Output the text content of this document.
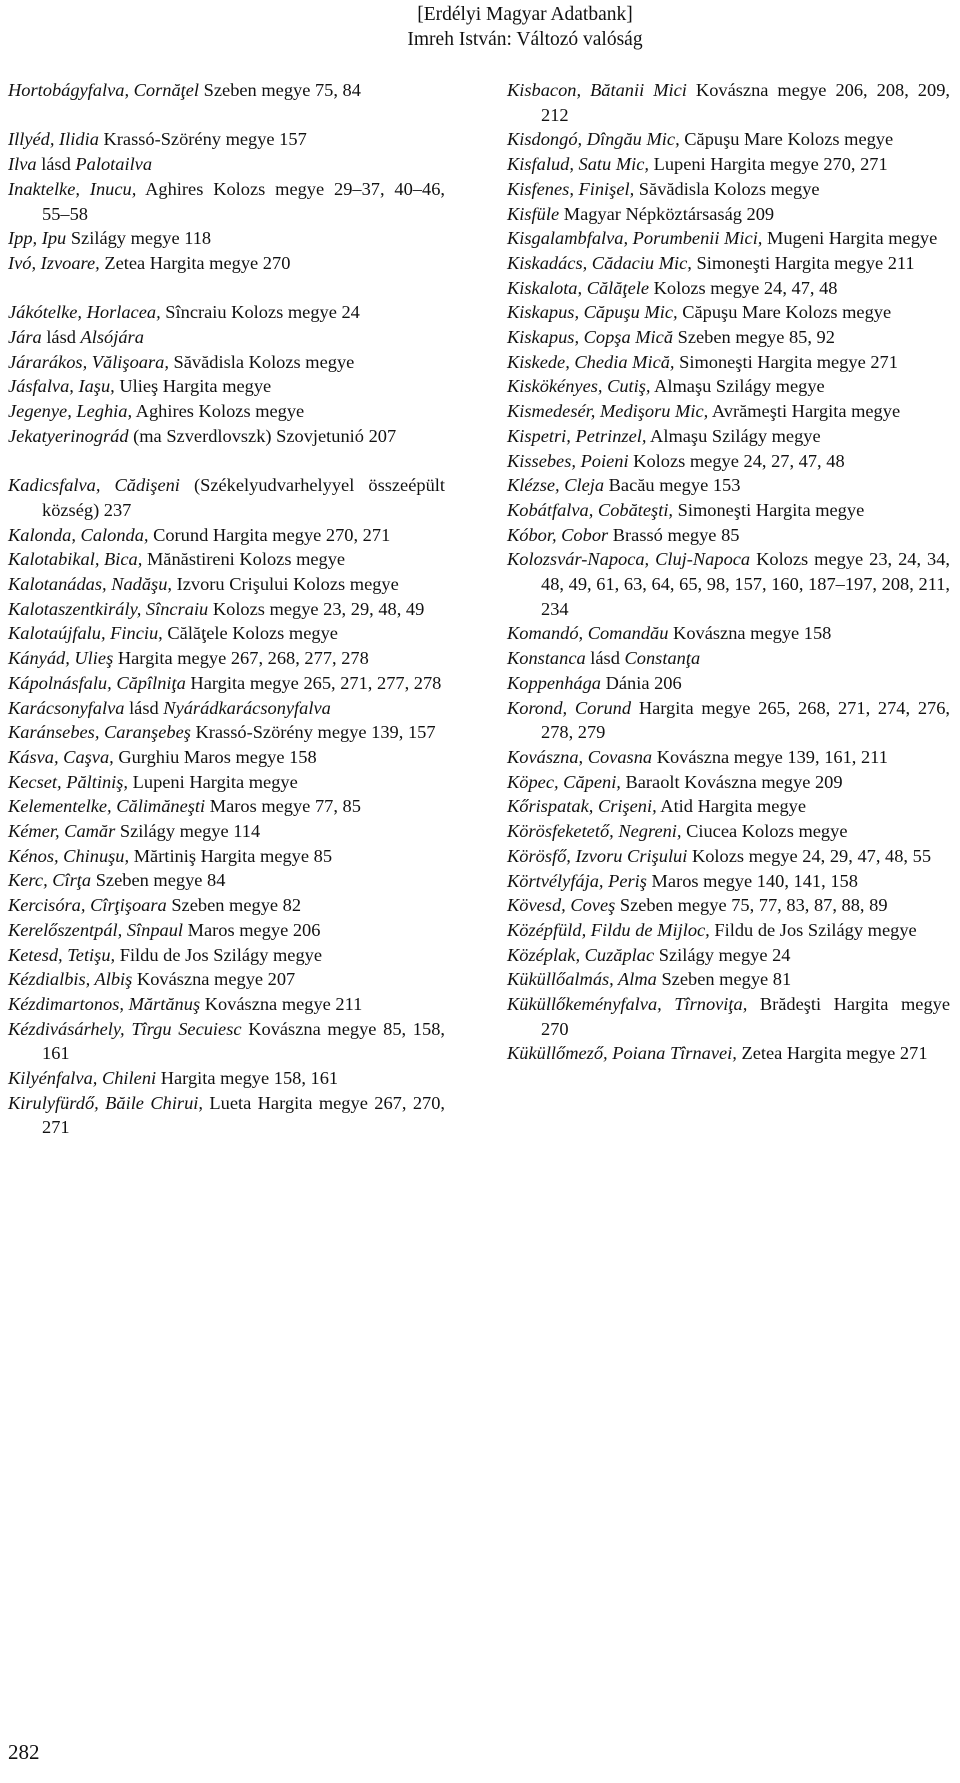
[Erdélyi Magyar Adatbank]
Imreh István: Változó valóság

Hortobágyfalva, Cornăţel Szeben megye 75, 84

Illyéd, Ilidia Krassó-Szörény megye 157

Ilva lásd Palotailva

Inaktelke, Inucu, Aghires Kolozs megye 29–37, 40–46, 55–58

Ipp, Ipu Szilágy megye 118

Ivó, Izvoare, Zetea Hargita megye 270

Jákótelke, Horlacea, Sîncraiu Kolozs megye 24

Jára lásd Alsójára

Járarákos, Vălişoara, Săvădisla Kolozs megye

Jásfalva, Iaşu, Ulieş Hargita megye

Jegenye, Leghia, Aghires Kolozs megye

Jekatyerinográd (ma Szverdlovszk) Szovjetunió 207

Kadicsfalva, Cădişeni (Székelyudvarhelyyel összeépült község) 237

Kalonda, Calonda, Corund Hargita megye 270, 271

Kalotabikal, Bica, Mănăstireni Kolozs megye

Kalotanádas, Nadăşu, Izvoru Crişului Kolozs megye

Kalotaszentkirály, Sîncraiu Kolozs megye 23, 29, 48, 49

Kalotaújfalu, Finciu, Călăţele Kolozs megye

Kányád, Ulieş Hargita megye 267, 268, 277, 278

Kápolnásfalu, Căpîlniţa Hargita megye 265, 271, 277, 278

Karácsonyfalva lásd Nyárádkarácsonyfalva

Karánsebes, Caranşebeş Krassó-Szörény megye 139, 157

Kásva, Caşva, Gurghiu Maros megye 158

Kecset, Păltiniş, Lupeni Hargita megye

Kelementelke, Călimăneşti Maros megye 77, 85

Kémer, Camăr Szilágy megye 114

Kénos, Chinuşu, Mărtiniş Hargita megye 85

Kerc, Cîrţa Szeben megye 84

Kercisóra, Cîrţişoara Szeben megye 82

Kerelőszentpál, Sînpaul Maros megye 206

Ketesd, Tetişu, Fildu de Jos Szilágy megye

Kézdialbis, Albiş Kovászna megye 207

Kézdimartonos, Mărtănuş Kovászna megye 211

Kézdivásárhely, Tîrgu Secuiesc Kovászna megye 85, 158, 161

Kilyénfalva, Chileni Hargita megye 158, 161

Kirulyfürdő, Băile Chirui, Lueta Hargita megye 267, 270, 271

Kisbacon, Bătanii Mici Kovászna megye 206, 208, 209, 212

Kisdongó, Dîngău Mic, Căpuşu Mare Kolozs megye

Kisfalud, Satu Mic, Lupeni Hargita megye 270, 271

Kisfenes, Finişel, Săvădisla Kolozs megye

Kisfüle Magyar Népköztársaság 209

Kisgalambfalva, Porumbenii Mici, Mugeni Hargita megye

Kiskadács, Cădaciu Mic, Simoneşti Hargita megye 211

Kiskalota, Călăţele Kolozs megye 24, 47, 48

Kiskapus, Căpuşu Mic, Căpuşu Mare Kolozs megye

Kiskapus, Copşa Mică Szeben megye 85, 92

Kiskede, Chedia Mică, Simoneşti Hargita megye 271

Kiskökényes, Cutiş, Almaşu Szilágy megye

Kismedesér, Medişoru Mic, Avrămeşti Hargita megye

Kispetri, Petrinzel, Almaşu Szilágy megye

Kissebes, Poieni Kolozs megye 24, 27, 47, 48

Klézse, Cleja Bacău megye 153

Kobátfalva, Cobăteşti, Simoneşti Hargita megye

Kóbor, Cobor Brassó megye 85

Kolozsvár-Napoca, Cluj-Napoca Kolozs megye 23, 24, 34, 48, 49, 61, 63, 64, 65, 98, 157, 160, 187–197, 208, 211, 234

Komandó, Comandău Kovászna megye 158

Konstanca lásd Constanţa

Koppenhága Dánia 206

Korond, Corund Hargita megye 265, 268, 271, 274, 276, 278, 279

Kovászna, Covasna Kovászna megye 139, 161, 211

Köpec, Căpeni, Baraolt Kovászna megye 209

Kőrispatak, Crişeni, Atid Hargita megye

Körösfeketető, Negreni, Ciucea Kolozs megye

Körösfő, Izvoru Crişului Kolozs megye 24, 29, 47, 48, 55

Körtvélyfája, Periş Maros megye 140, 141, 158

Kövesd, Coveş Szeben megye 75, 77, 83, 87, 88, 89

Középfüld, Fildu de Mijloc, Fildu de Jos Szilágy megye

Középlak, Cuzăplac Szilágy megye 24

Küküllőalmás, Alma Szeben megye 81

Küküllőkeményfalva, Tîrnoviţa, Brădeşti Hargita megye 270

Küküllőmező, Poiana Tîrnavei, Zetea Hargita megye 271

282
